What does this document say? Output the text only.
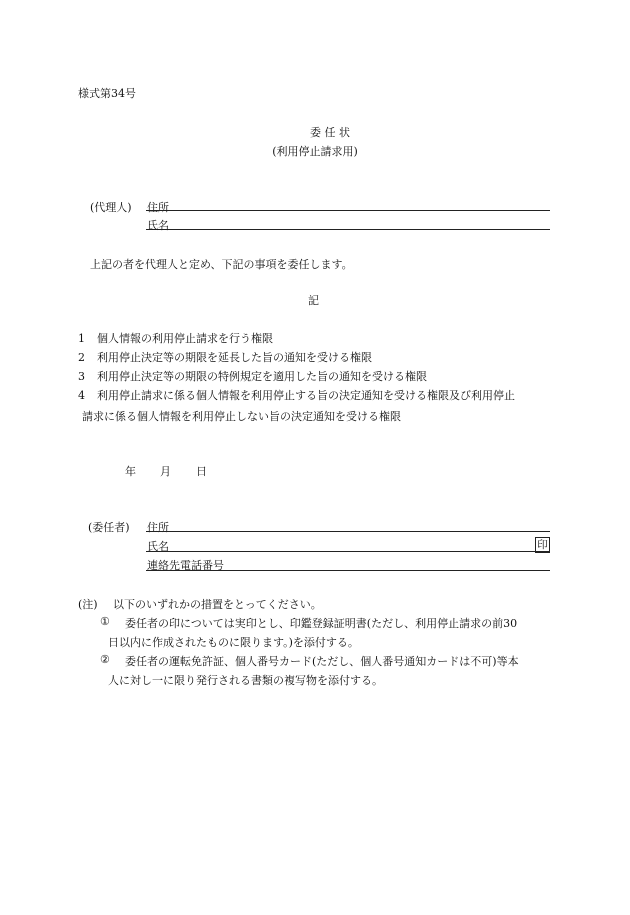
様式第34号
委 任 状
(利用停止請求用)
(代理人) 住所
氏名
上記の者を代理人と定め、下記の事項を委任します。
記
1 個人情報の利用停止請求を行う権限
2 利用停止決定等の期限を延長した旨の通知を受ける権限
3 利用停止決定等の期限の特例規定を適用した旨の通知を受ける権限
4 利用停止請求に係る個人情報を利用停止する旨の決定通知を受ける権限及び利用停止
請求に係る個人情報を利用停止しない旨の決定通知を受ける権限
年 月 日
(委任者) 住所
氏名	印
連絡先電話番号
(注) 以下のいずれかの措置をとってください。
① 委任者の印については実印とし、印鑑登録証明書(ただし、利用停止請求の前30
日以内に作成されたものに限ります。)を添付する。
② 委任者の運転免許証、個人番号カード(ただし、個人番号通知カードは不可)等本
人に対し一に限り発行される書類の複写物を添付する。
